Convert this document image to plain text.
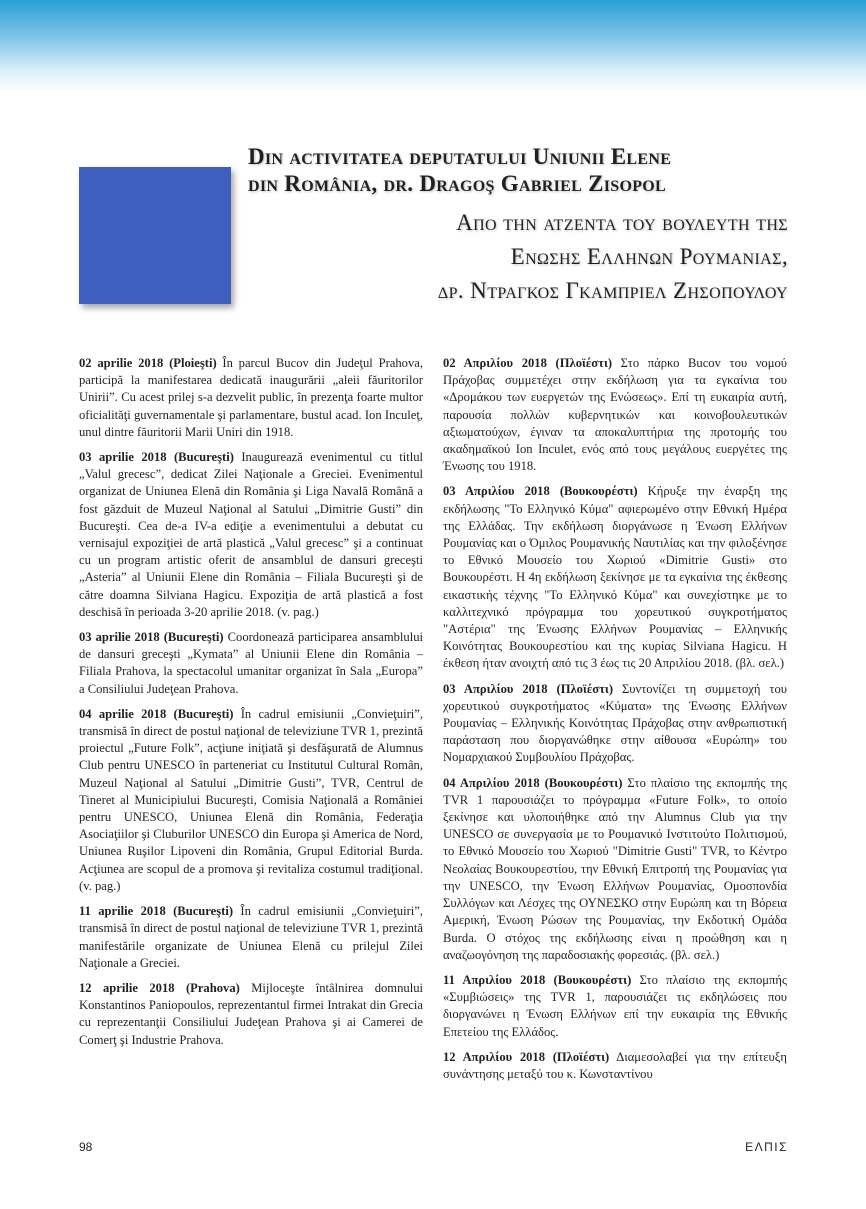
Din activitatea deputatului Uniunii Elene
din România, dr. Dragoş Gabriel Zisopol
Απο την ατζεντα του βουλευτη της
Ενωσης Ελληνων Ρουμανιας,
δρ. Ντραγκος Γκαμπριελ Ζησοπουλου

02 aprilie 2018 (Ploieşti) În parcul Bucov din Judeţul Prahova, participă la manifestarea dedicată inaugurării „aleii făuritorilor Unirii”. Cu acest prilej s-a dezvelit public, în prezenţa foarte multor oficialităţi guvernamentale şi parlamentare, bustul acad. Ion Inculeţ, unul dintre făuritorii Marii Uniri din 1918.

03 aprilie 2018 (Bucureşti) Inaugurează evenimentul cu titlul „Valul grecesc”, dedicat Zilei Naţionale a Greciei. Evenimentul organizat de Uniunea Elenă din România şi Liga Navală Română a fost găzduit de Muzeul Naţional al Satului „Dimitrie Gusti” din Bucureşti. Cea de-a IV-a ediţie a evenimentului a debutat cu vernisajul expoziţiei de artă plastică „Valul grecesc” şi a continuat cu un program artistic oferit de ansamblul de dansuri greceşti „Asteria” al Uniunii Elene din România – Filiala Bucureşti şi de către doamna Silviana Hagicu. Expoziţia de artă plastică a fost deschisă în perioada 3-20 aprilie 2018. (v. pag.)

03 aprilie 2018 (Bucureşti) Coordonează participarea ansamblului de dansuri greceşti „Kymata” al Uniunii Elene din România – Filiala Prahova, la spectacolul umanitar organizat în Sala „Europa” a Consiliului Judeţean Prahova.

04 aprilie 2018 (Bucureşti) În cadrul emisiunii „Convieţuiri”, transmisă în direct de postul naţional de televiziune TVR 1, prezintă proiectul „Future Folk”, acţiune iniţiată şi desfăşurată de Alumnus Club pentru UNESCO în parteneriat cu Institutul Cultural Român, Muzeul Naţional al Satului „Dimitrie Gusti”, TVR, Centrul de Tineret al Municipiului Bucureşti, Comisia Naţională a României pentru UNESCO, Uniunea Elenă din România, Federaţia Asociaţiilor şi Cluburilor UNESCO din Europa şi America de Nord, Uniunea Ruşilor Lipoveni din România, Grupul Editorial Burda. Acţiunea are scopul de a promova şi revitaliza costumul tradiţional. (v. pag.)

11 aprilie 2018 (Bucureşti) În cadrul emisiunii „Convieţuiri”, transmisă în direct de postul naţional de televiziune TVR 1, prezintă manifestările organizate de Uniunea Elenă cu prilejul Zilei Naţionale a Greciei.

12 aprilie 2018 (Prahova) Mijloceşte întâlnirea domnului Konstantinos Paniopoulos, reprezentantul firmei Intrakat din Grecia cu reprezentanţii Consiliului Judeţean Prahova şi ai Camerei de Comerţ şi Industrie Prahova.

02 Απριλίου 2018 (Πλοϊέστι) Στο πάρκο Bucov του νομού Πράχοβας συμμετέχει στην εκδήλωση για τα εγκαίνια του «Δρομάκου των ευεργετών της Ενώσεως». Επί τη ευκαιρία αυτή, παρουσία πολλών κυβερνητικών και κοινοβουλευτικών αξιωματούχων, έγιναν τα αποκαλυπτήρια της προτομής του ακαδημαϊκού Ion Inculet, ενός από τους μεγάλους ευεργέτες της Ένωσης του 1918.

03 Απριλίου 2018 (Βουκουρέστι) Κήρυξε την έναρξη της εκδήλωσης "Το Ελληνικό Κύμα" αφιερωμένο στην Εθνική Ημέρα της Ελλάδας. Την εκδήλωση διοργάνωσε η Ένωση Ελλήνων Ρουμανίας και ο Όμιλος Ρουμανικής Ναυτιλίας και την φιλοξένησε το Εθνικό Μουσείο του Χωριού «Dimitrie Gusti» στο Βουκουρέστι. Η 4η εκδήλωση ξεκίνησε με τα εγκαίνια της έκθεσης εικαστικής τέχνης "Το Ελληνικό Κύμα" και συνεχίστηκε με το καλλιτεχνικό πρόγραμμα του χορευτικού συγκροτήματος "Αστέρια" της Ένωσης Ελλήνων Ρουμανίας – Ελληνικής Κοινότητας Βουκουρεστίου και της κυρίας Silviana Hagicu. Η έκθεση ήταν ανοιχτή από τις 3 έως τις 20 Απριλίου 2018. (βλ. σελ.)

03 Απριλίου 2018 (Πλοϊέστι) Συντονίζει τη συμμετοχή του χορευτικού συγκροτήματος «Κύματα» της Ένωσης Ελλήνων Ρουμανίας – Ελληνικής Κοινότητας Πράχοβας στην ανθρωπιστική παράσταση που διοργανώθηκε στην αίθουσα «Ευρώπη» του Νομαρχιακού Συμβουλίου Πράχοβας.

04 Απριλίου 2018 (Βουκουρέστι) Στο πλαίσιο της εκπομπής της TVR 1 παρουσιάζει το πρόγραμμα «Future Folk», το οποίο ξεκίνησε και υλοποιήθηκε από την Alumnus Club για την UNESCO σε συνεργασία με το Ρουμανικό Ινστιτούτο Πολιτισμού, το Εθνικό Μουσείο του Χωριού "Dimitrie Gusti" TVR, το Κέντρο Νεολαίας Βουκουρεστίου, την Εθνική Επιτροπή της Ρουμανίας για την UNESCO, την Ένωση Ελλήνων Ρουμανίας, Ομοσπονδία Συλλόγων και Λέσχες της ΟΥΝΕΣΚΟ στην Ευρώπη και τη Βόρεια Αμερική, Ένωση Ρώσων της Ρουμανίας, την Εκδοτική Ομάδα Burda. Ο στόχος της εκδήλωσης είναι η προώθηση και η αναζωογόνηση της παραδοσιακής φορεσιάς. (βλ. σελ.)

11 Απριλίου 2018 (Βουκουρέστι) Στο πλαίσιο της εκπομπής «Συμβιώσεις» της TVR 1, παρουσιάζει τις εκδηλώσεις που διοργανώνει η Ένωση Ελλήνων επί την ευκαιρία της Εθνικής Επετείου της Ελλάδος.

12 Απριλίου 2018 (Πλοϊέστι) Διαμεσολαβεί για την επίτευξη συνάντησης μεταξύ του κ. Κωνσταντίνου

98	ΕΛΠΙΣ
